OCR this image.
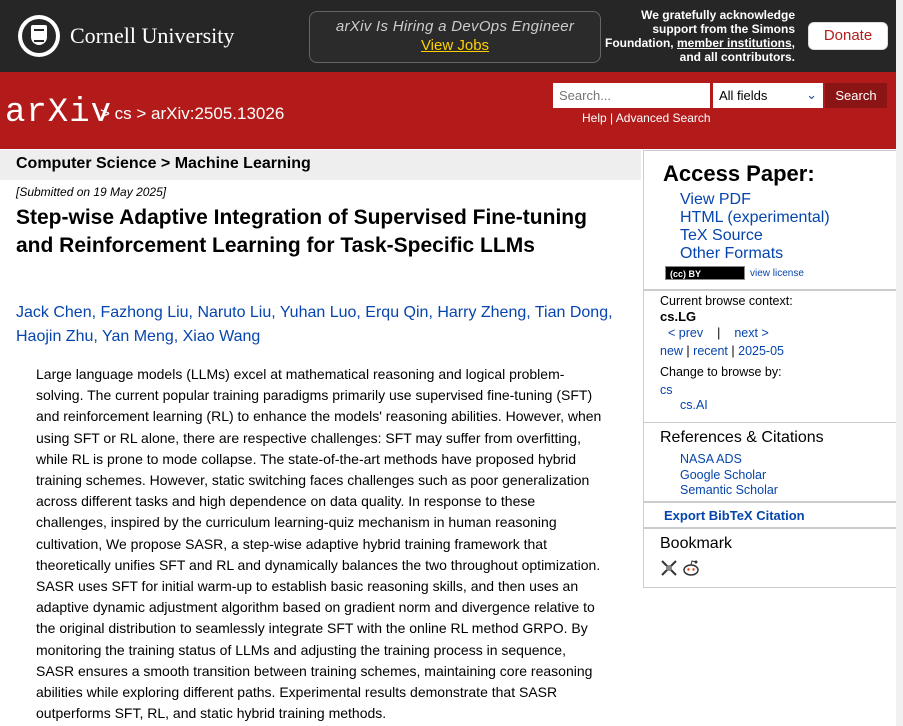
Cornell University	arXiv Is Hiring a DevOps Engineer
View Jobs
We gratefully acknowledge
support from the Simons
Foundation, member institutions,
and all contributors.
Donate
arXiv
> cs > arXiv:2505.13026
Search...
All fields	⌄	Search
Help | Advanced Search
Computer Science > Machine Learning
[Submitted on 19 May 2025]
Step-wise Adaptive Integration of Supervised Fine-tuning and Reinforcement Learning for Task-Specific LLMs
Jack Chen, Fazhong Liu, Naruto Liu, Yuhan Luo, Erqu Qin, Harry Zheng, Tian Dong,
Haojin Zhu, Yan Meng, Xiao Wang

Large language models (LLMs) excel at mathematical reasoning and logical problem-solving. The current popular training paradigms primarily use supervised fine-tuning (SFT) and reinforcement learning (RL) to enhance the models' reasoning abilities. However, when using SFT or RL alone, there are respective challenges: SFT may suffer from overfitting, while RL is prone to mode collapse. The state-of-the-art methods have proposed hybrid training schemes. However, static switching faces challenges such as poor generalization across different tasks and high dependence on data quality. In response to these challenges, inspired by the curriculum learning-quiz mechanism in human reasoning cultivation, We propose SASR, a step-wise adaptive hybrid training framework that theoretically unifies SFT and RL and dynamically balances the two throughout optimization. SASR uses SFT for initial warm-up to establish basic reasoning skills, and then uses an adaptive dynamic adjustment algorithm based on gradient norm and divergence relative to the original distribution to seamlessly integrate SFT with the online RL method GRPO. By monitoring the training status of LLMs and adjusting the training process in sequence, SASR ensures a smooth transition between training schemes, maintaining core reasoning abilities while exploring different paths. Experimental results demonstrate that SASR outperforms SFT, RL, and static hybrid training methods.

Access Paper:
View PDF
HTML (experimental)
TeX Source
Other Formats
(cc) BY	view license
Current browse context:
cs.LG
< prev | next >
new | recent | 2025-05
Change to browse by:
cs
cs.AI
References & Citations
NASA ADS
Google Scholar
Semantic Scholar
Export BibTeX Citation
Bookmark
